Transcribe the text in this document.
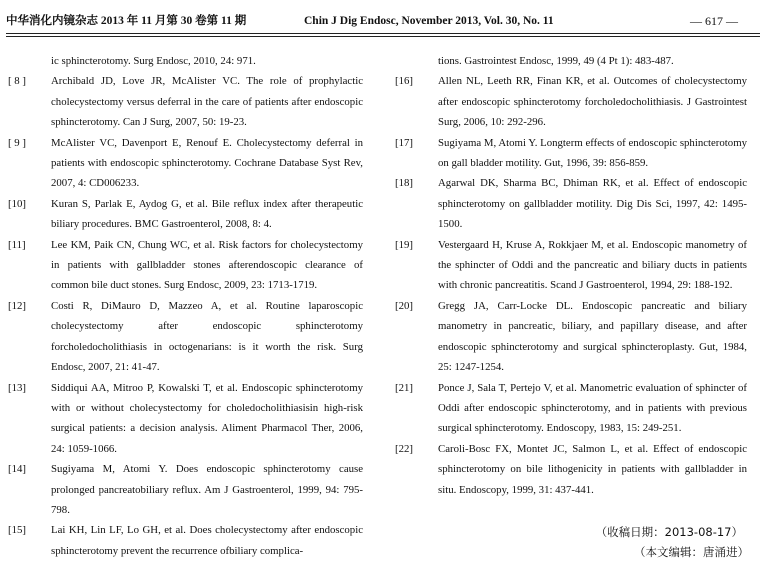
中华消化内镜杂志 2013 年 11 月第 30 卷第 11 期	Chin J Dig Endosc, November 2013, Vol. 30, No. 11	— 617 —
ic sphincterotomy. Surg Endosc, 2010, 24: 971.
[ 8 ]	Archibald JD, Love JR, McAlister VC. The role of prophylactic cholecystectomy versus deferral in the care of patients after endoscopic sphincterotomy. Can J Surg, 2007, 50: 19-23.
[ 9 ]	McAlister VC, Davenport E, Renouf E. Cholecystectomy deferral in patients with endoscopic sphincterotomy. Cochrane Database Syst Rev, 2007, 4: CD006233.
[10]	Kuran S, Parlak E, Aydog G, et al. Bile reflux index after therapeutic biliary procedures. BMC Gastroenterol, 2008, 8: 4.
[11]	Lee KM, Paik CN, Chung WC, et al. Risk factors for cholecystectomy in patients with gallbladder stones afterendoscopic clearance of common bile duct stones. Surg Endosc, 2009, 23: 1713-1719.
[12]	Costi R, DiMauro D, Mazzeo A, et al. Routine laparoscopic cholecystectomy after endoscopic sphincterotomy forcholedocholithiasis in octogenarians: is it worth the risk. Surg Endosc, 2007, 21: 41-47.
[13]	Siddiqui AA, Mitroo P, Kowalski T, et al. Endoscopic sphincterotomy with or without cholecystectomy for choledocholithiasisin high-risk surgical patients: a decision analysis. Aliment Pharmacol Ther, 2006, 24: 1059-1066.
[14]	Sugiyama M, Atomi Y. Does endoscopic sphincterotomy cause prolonged pancreatobiliary reflux. Am J Gastroenterol, 1999, 94: 795-798.
[15]	Lai KH, Lin LF, Lo GH, et al. Does cholecystectomy after endoscopic sphincterotomy prevent the recurrence ofbiliary complica-
tions. Gastrointest Endosc, 1999, 49 (4 Pt 1): 483-487.
[16]	Allen NL, Leeth RR, Finan KR, et al. Outcomes of cholecystectomy after endoscopic sphincterotomy forcholedocholithiasis. J Gastrointest Surg, 2006, 10: 292-296.
[17]	Sugiyama M, Atomi Y. Longterm effects of endoscopic sphincterotomy on gall bladder motility. Gut, 1996, 39: 856-859.
[18]	Agarwal DK, Sharma BC, Dhiman RK, et al. Effect of endoscopic sphincterotomy on gallbladder motility. Dig Dis Sci, 1997, 42: 1495-1500.
[19]	Vestergaard H, Kruse A, Rokkjaer M, et al. Endoscopic manometry of the sphincter of Oddi and the pancreatic and biliary ducts in patients with chronic pancreatitis. Scand J Gastroenterol, 1994, 29: 188-192.
[20]	Gregg JA, Carr-Locke DL. Endoscopic pancreatic and biliary manometry in pancreatic, biliary, and papillary disease, and after endoscopic sphincterotomy and surgical sphincteroplasty. Gut, 1984, 25: 1247-1254.
[21]	Ponce J, Sala T, Pertejo V, et al. Manometric evaluation of sphincter of Oddi after endoscopic sphincterotomy, and in patients with previous surgical sphincterotomy. Endoscopy, 1983, 15: 249-251.
[22]	Caroli-Bosc FX, Montet JC, Salmon L, et al. Effect of endoscopic sphincterotomy on bile lithogenicity in patients with gallbladder in situ. Endoscopy, 1999, 31: 437-441.
（收稿日期：2013-08-17）
（本文编辑：唐涌进）
